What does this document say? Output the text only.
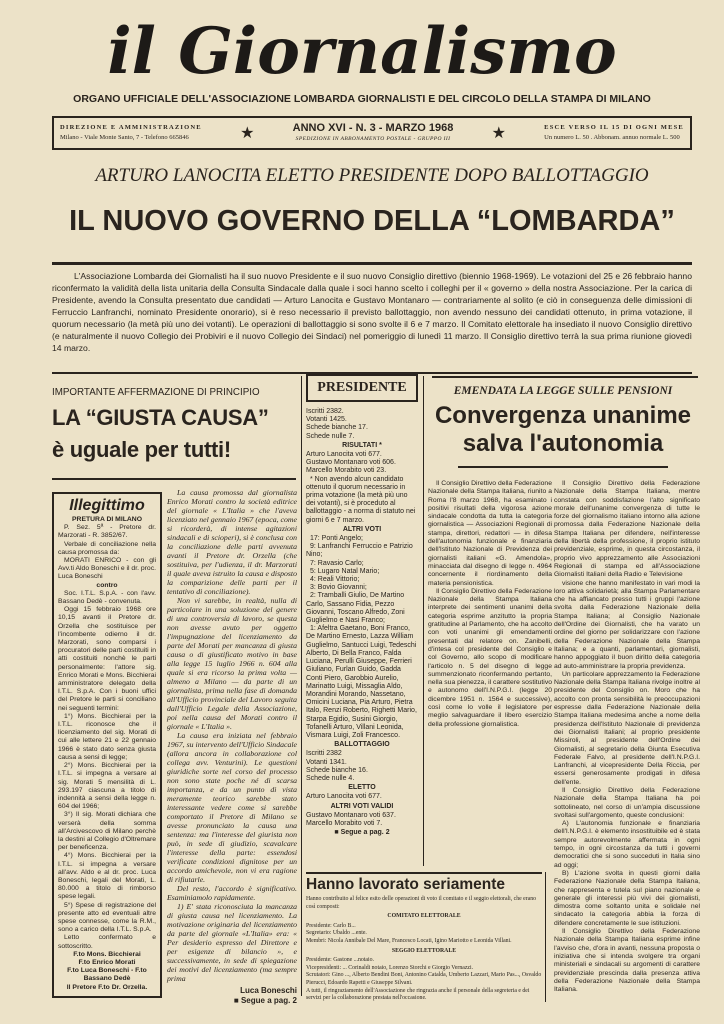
il Giornalismo
ORGANO UFFICIALE DELL'ASSOCIAZIONE LOMBARDA GIORNALISTI E DEL CIRCOLO DELLA STAMPA DI MILANO
DIREZIONE E AMMINISTRAZIONE
Milano - Viale Monte Santo, 7 - Telefono 665846	★	ANNO XVI - N. 3 - MARZO 1968
SPEDIZIONE IN ABBONAMENTO POSTALE - GRUPPO III	★	ESCE VERSO IL 15 DI OGNI MESE
Un numero L. 50 . Abbonam. annuo normale L. 500
ARTURO LANOCITA ELETTO PRESIDENTE DOPO BALLOTTAGGIO
IL NUOVO GOVERNO DELLA “LOMBARDA”
L'Associazione Lombarda dei Giornalisti ha il suo nuovo Presidente e il suo nuovo Consiglio direttivo (biennio 1968-1969). Le votazioni del 25 e 26 febbraio hanno riconfermato la validità della lista unitaria della Consulta Sindacale dalla quale i soci hanno scelto i colleghi per il « governo » della nostra Associazione. Per la carica di Presidente, avendo la Consulta presentato due candidati — Arturo Lanocita e Gustavo Montanaro — contrariamente al solito (e ciò in conseguenza delle dimissioni di Ferruccio Lanfranchi, nominato Presidente onorario), si è reso necessario il previsto ballottaggio, non avendo nessuno dei candidati ottenuto, in prima votazione, il quorum necessario (la metà più uno dei votanti). Le operazioni di ballottaggio si sono svolte il 6 e 7 marzo. Il Comitato elettorale ha insediato il nuovo Consiglio direttivo (e naturalmente il nuovo Collegio dei Probiviri e il nuovo Collegio dei Sindaci) nel pomeriggio di lunedì 11 marzo. Il Consiglio direttivo terrà la sua prima riunione giovedì 14 marzo.
IMPORTANTE AFFERMAZIONE DI PRINCIPIO
LA “GIUSTA CAUSA”
è uguale per tutti!
Illegittimo

PRETURA DI MILANO

P. Sez. 5ª - Pretore dr. Marzorati - R. 3852/67.

Verbale di conciliazione nella causa promossa da:

MORATI ENRICO - con gli Avv.ti Aldo Boneschi e il dr. proc. Luca Boneschi

contro

Soc. I.T.L. S.p.A. - con l'avv. Bassano Dedè - convenuta.

Oggi 15 febbraio 1968 ore 10,15 avanti il Pretore dr. Orzella che sostituisce per l'incombente odierno il dr. Marzorati, sono comparsi i procuratori delle parti costituiti in atti costituiti nonchè le parti personalmente: l'attore sig. Enrico Morati e Mons. Bicchierai amministratore delegato della I.T.L. S.p.A. Con i buoni uffici del Pretore le parti si conciliano nei seguenti termini:

1°) Mons. Bicchierai per la I.T.L. riconosce che il licenziamento del sig. Morati di cui alle lettere 21 e 22 gennaio 1966 è stato dato senza giusta causa a sensi di legge;

2°) Mons. Bicchierai per la I.T.L. si impegna a versare al sig. Morati 5 mensilità di L. 293.197 ciascuna a titolo di indennità a sensi della legge n. 604 del 1966;

3°) Il sig. Morati dichiara che verserà della somma all'Arcivescovo di Milano perchè la destini al Collegio d'Oltremare per beneficenza.

4°) Mons. Bicchierai per la I.T.L. si impegna a versare all'avv. Aldo e al dr. proc. Luca Boneschi, legali del Morati, L. 80.000 a titolo di rimborso spese legali.

5°) Spese di registrazione del presente atto ed eventuali altre spese connesse, come la R.M., sono a carico della I.T.L. S.p.A.

Letto confermato e sottoscritto.

F.to Mons. Bicchierai

F.to Enrico Morati

F.to Luca Boneschi - F.to Bassano Dedè

Il Pretore F.to Dr. Orzella.

La causa promossa dal giornalista Enrico Morati contro la società editrice del giornale « L'Italia » che l'aveva licenziato nel gennaio 1967 (epoca, come si ricorderà, di intense agitazioni sindacali e di scioperi), si è conclusa con la conciliazione delle parti avvenuta avanti il Pretore dr. Orzella (che sostituiva, per l'udienza, il dr. Marzorati il quale aveva istruito la causa e disposto la comparizione delle parti per il tentativo di conciliazione).

Non vi sarebbe, in realtà, nulla di particolare in una soluzione del genere di una controversia di lavoro, se questa non avesse avuto per oggetto l'impugnazione del licenziamento da parte del Morati per mancanza di giusta causa o di giustificato motivo in base alla legge 15 luglio 1966 n. 604 alla quale si era ricorso la prima volta — almeno a Milano — da parte di un giornalista, prima nella fase di domanda all'Ufficio provinciale del Lavoro seguita dall'Ufficio Legale della Associazione, poi nella causa del Morati contro il giornale « L'Italia ».

La causa era iniziata nel febbraio 1967, su intervento dell'Ufficio Sindacale (allora ancora in collaborazione col collega avv. Venturini). Le questioni giuridiche sorte nel corso del processo non sono state poche né di scarsa importanza, e da un punto di vista meramente teorico sarebbe stato interessante vedere come si sarebbe comportato il Pretore di Milano se avesse pronunciato la causa una sentenza: ma l'interesse del giurista non può, in sede di giudizio, scavalcare l'interesse della parte: essendosi verificate condizioni dignitose per un accordo amichevole, non vi era ragione di rifiutarle.

Del resto, l'accordo è significativo. Esaminiamolo rapidamente.

1) E' stata riconosciuta la mancanza di giusta causa nel licenziamento. La motivazione originaria del licenziamento da parte del giornale «L'Italia» era: « Per desiderio espresso del Direttore e per esigenze di bilancio », e successivamente, in sede di spiegazione dei motivi del licenziamento (ma sempre prima

Luca Boneschi
■ Segue a pag. 2
PRESIDENTE
Iscritti 2382.
Votanti 1425.
Schede bianche 17.
Schede nulle 7.
RISULTATI *
Arturo Lanocita voti 677.
Gustavo Montanaro voti 606.
Marcello Morabito voti 23.

* Non avendo alcun candidato ottenuto il quorum necessario in prima votazione (la metà più uno dei votanti), si è proceduto al ballottaggio - a norma di statuto nei giorni 6 e 7 marzo.

ALTRI VOTI

17: Ponti Angelo;

9: Lanfranchi Ferruccio e Patrizio Nino;

7: Ravasio Carlo;

5: Lugaro Natal Mario;

4: Reali Vittorio;

3: Bovio Giovanni;

2: Tramballi Giulio, De Martino Carlo, Sassano Fidia, Pezzo Giovanni, Toscano Alfredo, Zoni Guglielmo e Nasi Franco;

1: Afeltra Gaetano, Boni Franco, De Martino Ernesto, Lazza William Guglielmo, Santucci Luigi, Tedeschi Alberto, Di Bella Franco, Falda Luciana, Perulli Giuseppe, Ferrieri Giuliano, Furlan Guido, Gadda Conti Piero, Garobbio Aurelio, Marinatto Luigi, Missaglia Aldo, Morandini Morando, Nassetano, Omicini Luciana, Pia Arturo, Pietra Italo, Renzi Roberto, Righetti Mario, Starpa Egidio, Susini Giorgio, Tofanelli Arturo, Villani Leonida, Vismara Luigi, Zoli Francesco.

BALLOTTAGGIO
Iscritti 2382
Votanti 1341.
Schede bianche 16.
Schede nulle 4.
ELETTO
Arturo Lanocita voti 677.
ALTRI VOTI VALIDI
Gustavo Montanaro voti 637.
Marcello Morabito voti 7.
■ Segue a pag. 2
Hanno lavorato seriamente

Hanno contribuito al felice esito delle operazioni di voto il comitato e il seggio elettorali, che erano così composti:

COMITATO ELETTORALE

Presidente: Carlo B...

Segretario: Ubaldo ...ente.

Membri: Nicola Annibale Del Mare, Francesco Locati, Igino Mariotto e Leonida Villani.

SEGGIO ELETTORALE

Presidente: Gastone ...notaio.

Vicepresidenti: ... Corinaldi notaio, Lorenzo Storchi e Giorgio Vernazzi.

Scrutatori: Gino ..., Alberto Bendini Boni, Antonino Catalda, Umberto Lazzari, Mario Pas..., Osvaldo Pierucci, Edoardo Rapetti e Giuseppe Silvani.

A tutti, il ringraziamento dell'Associazione che ringrazia anche il personale della segreteria e dei servizi per la collaborazione prestata nell'occasione.

EMENDATA LA LEGGE SULLE PENSIONI
Convergenza unanime
salva l'autonomia

Il Consiglio Direttivo della Federazione Nazionale della Stampa Italiana, riunito a Roma l'8 marzo 1968, ha esaminato i positivi risultati della vigorosa azione sindacale condotta da tutta la categoria giornalistica — Associazioni Regionali di stampa, direttori, redattori — in difesa dell'autonomia funzionale e finanziaria dell'Istituto Nazionale di Previdenza dei giornalisti italiani «G. Amendola», minacciata dal disegno di legge n. 4964 concernente il riordinamento della materia pensionistica.

Il Consiglio Direttivo della Federazione Nazionale della Stampa Italiana interprete dei sentimenti unanimi della categoria esprime anzitutto la propria gratitudine al Parlamento, che ha accolto con voti unanimi gli emendamenti presentati dal relatore on. Zanibelli, d'intesa col presidente del Consiglio e col Governo, allo scopo di modificare l'articolo n. 5 del disegno di legge summenzionato riconfermando pertanto, nella sua pienezza, il carattere sostitutivo e autonomo dell'I.N.P.G.I. (legge 20 dicembre 1951 n. 1564 e successive), così come lo volle il legislatore per meglio salvaguardare il libero esercizio della professione giornalistica.

Il Consiglio Direttivo della Federazione Nazionale della Stampa Italiana, mentre constata con soddisfazione l'alto significato morale dell'unanime convergenza di tutte le forze del giornalismo italiano intorno alla azione promossa dalla Federazione Nazionale della Stampa Italiana per difendere, nell'interesse della libertà della professione, il proprio istituto previdenziale, esprime, in questa circostanza, il proprio vivo apprezzamento alle Associazioni Regionali di stampa ed all'Associazione Giornalisti Italiani della Radio e Televisione

visione che hanno manifestato in vari modi la loro attiva solidarietà; alla Stampa Parlamentare che ha affiancato presso tutti i gruppi l'azione svolta dalla Federazione Nazionale della Stampa Italiana; al Consiglio Nazionale dell'Ordine dei Giornalisti, che ha varato un ordine del giorno per solidarizzare con l'azione della Federazione Nazionale della Stampa Italiana; e a quanti, parlamentari, giornalisti, hanno appoggiato il buon diritto della categoria ad auto-amministrare la propria previdenza.

Un particolare apprezzamento la Federazione Nazionale della Stampa Italiana rivolge inoltre al presidente del Consiglio on. Moro che ha accolto con pronta sensibilità le preoccupazioni espresse dalla Federazione Nazionale della Stampa Italiana medesima anche a nome della presidenza dell'Istituto Nazionale di previdenza dei Giornalisti Italiani; al proprio presidente Missiroli, al presidente dell'Ordine dei Giornalisti, al segretario della Giunta Esecutiva Federale Falvo, al presidente dell'I.N.P.G.I. Lanfranchi, al vicepresidente Della Riccia, per essersi generosamente prodigati in difesa dell'ente.

Il Consiglio Direttivo della Federazione Nazionale della Stampa Italiana ha poi sottolineato, nel corso di un'ampia discussione svoltasi sull'argomento, queste conclusioni:

A) L'autonomia funzionale e finanziaria dell'I.N.P.G.I. è elemento insostituibile ed è stata sempre autorevolmente affermata in ogni tempo, in ogni circostanza da tutti i governi democratici che si sono succeduti in Italia sino ad oggi;

B) L'azione svolta in questi giorni dalla Federazione Nazionale della Stampa Italiana, che rappresenta e tutela sul piano nazionale e generale gli interessi più vivi dei giornalisti, dimostra come soltanto unita e solidale nel sindacato la categoria abbia la forza di difendere concretamente le sue istituzioni.

Il Consiglio Direttivo della Federazione Nazionale della Stampa Italiana esprime infine l'avviso che, d'ora in avanti, nessuna proposta o iniziativa che si intenda svolgere tra organi ministeriali e sindacali su argomenti di carattere previdenziale prescinda dalla presenza attiva della Federazione Nazionale della Stampa Italiana.
